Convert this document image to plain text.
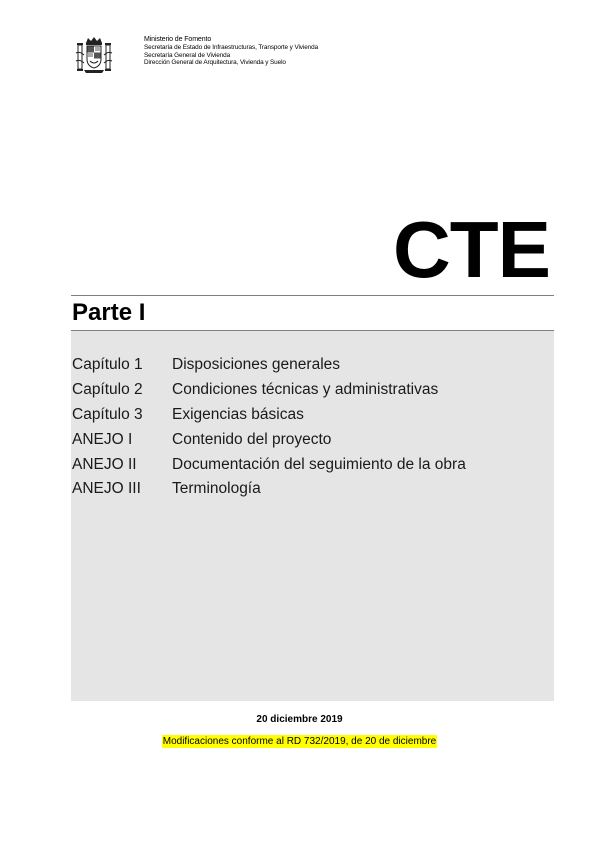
Ministerio de Fomento
Secretaría de Estado de Infraestructuras, Transporte y Vivienda
Secretaría General de Vivienda
Dirección General de Arquitectura, Vivienda y Suelo
CTE
Parte I
Capítulo 1 Disposiciones generales
Capítulo 2 Condiciones técnicas y administrativas
Capítulo 3 Exigencias básicas
ANEJO I	Contenido del proyecto
ANEJO II Documentación del seguimiento de la obra
ANEJO III Terminología
20 diciembre 2019
Modificaciones conforme al RD 732/2019, de 20 de diciembre
